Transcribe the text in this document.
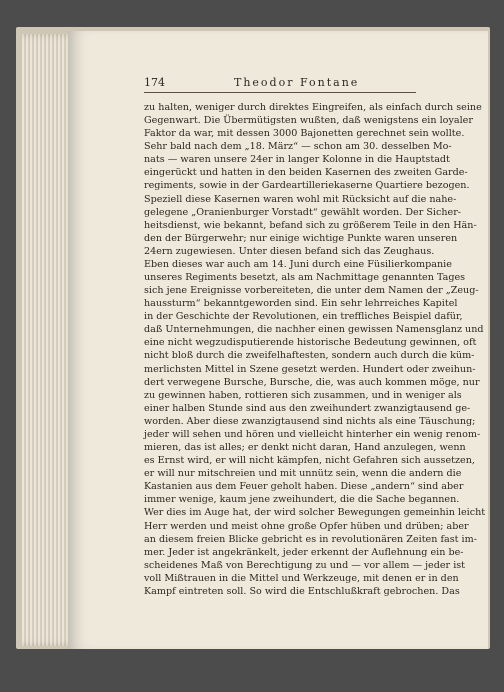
174	Theodor Fontane
zu halten, weniger durch direktes Eingreifen, als einfach durch seine
Gegenwart. Die Übermütigsten wußten, daß wenigstens ein loyaler
Faktor da war, mit dessen 3000 Bajonetten gerechnet sein wollte.
Sehr bald nach dem „18. März“ — schon am 30. desselben Mo-
nats — waren unsere 24er in langer Kolonne in die Hauptstadt
eingerückt und hatten in den beiden Kasernen des zweiten Garde-
regiments, sowie in der Gardeartilleriekaserne Quartiere bezogen.
Speziell diese Kasernen waren wohl mit Rücksicht auf die nahe-
gelegene „Oranienburger Vorstadt“ gewählt worden. Der Sicher-
heitsdienst, wie bekannt, befand sich zu größerem Teile in den Hän-
den der Bürgerwehr; nur einige wichtige Punkte waren unseren
24ern zugewiesen. Unter diesen befand sich das Zeughaus.
Eben dieses war auch am 14. Juni durch eine Füsilierkompanie
unseres Regiments besetzt, als am Nachmittage genannten Tages
sich jene Ereignisse vorbereiteten, die unter dem Namen der „Zeug-
haussturm“ bekanntgeworden sind. Ein sehr lehrreiches Kapitel
in der Geschichte der Revolutionen, ein treffliches Beispiel dafür,
daß Unternehmungen, die nachher einen gewissen Namensglanz und
eine nicht wegzudisputierende historische Bedeutung gewinnen, oft
nicht bloß durch die zweifelhaftesten, sondern auch durch die küm-
merlichsten Mittel in Szene gesetzt werden. Hundert oder zweihun-
dert verwegene Bursche, Bursche, die, was auch kommen möge, nur
zu gewinnen haben, rottieren sich zusammen, und in weniger als
einer halben Stunde sind aus den zweihundert zwanzigtausend ge-
worden. Aber diese zwanzigtausend sind nichts als eine Täuschung;
jeder will sehen und hören und vielleicht hinterher ein wenig renom-
mieren, das ist alles; er denkt nicht daran, Hand anzulegen, wenn
es Ernst wird, er will nicht kämpfen, nicht Gefahren sich aussetzen,
er will nur mitschreien und mit unnütz sein, wenn die andern die
Kastanien aus dem Feuer geholt haben. Diese „andern“ sind aber
immer wenige, kaum jene zweihundert, die die Sache begannen.
Wer dies im Auge hat, der wird solcher Bewegungen gemeinhin leicht
Herr werden und meist ohne große Opfer hüben und drüben; aber
an diesem freien Blicke gebricht es in revolutionären Zeiten fast im-
mer. Jeder ist angekränkelt, jeder erkennt der Auflehnung ein be-
scheidenes Maß von Berechtigung zu und — vor allem — jeder ist
voll Mißtrauen in die Mittel und Werkzeuge, mit denen er in den
Kampf eintreten soll. So wird die Entschlußkraft gebrochen. Das
